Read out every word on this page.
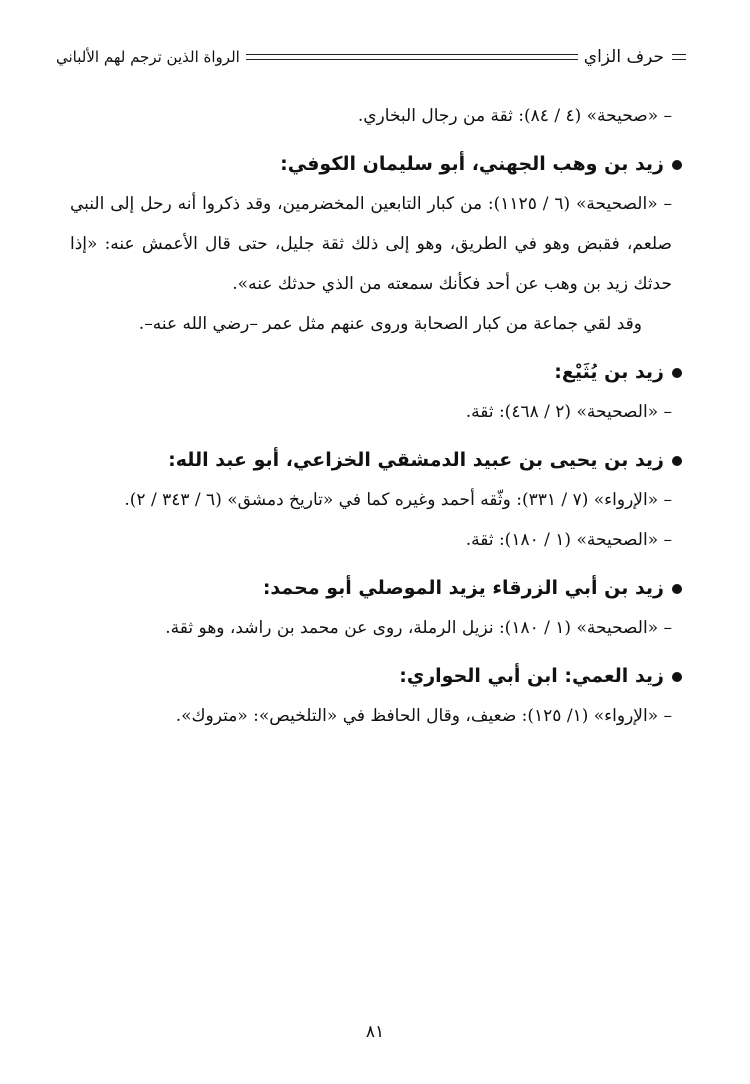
حرف الزاي
الرواة الذين ترجم لهم الألباني

– «صحيحة» (٤ / ٨٤): ثقة من رجال البخاري.

زيد بن وهب الجهني، أبو سليمان الكوفي:

– «الصحيحة» (٦ / ١١٢٥): من كبار التابعين المخضرمين، وقد ذكروا أنه رحل إلى النبي صلعم، فقبض وهو في الطريق، وهو إلى ذلك ثقة جليل، حتى قال الأعمش عنه: «إذا حدثك زيد بن وهب عن أحد فكأنك سمعته من الذي حدثك عنه».

وقد لقي جماعة من كبار الصحابة وروى عنهم مثل عمر –رضي الله عنه–.

زيد بن يُثَيْع:

– «الصحيحة» (٢ / ٤٦٨): ثقة.

زيد بن يحيى بن عبيد الدمشقي الخزاعي، أبو عبد الله:

– «الإرواء» (٧ / ٣٣١): وثّقه أحمد وغيره كما في «تاريخ دمشق» (٦ / ٣٤٣ / ٢).

– «الصحيحة» (١ / ١٨٠): ثقة.

زيد بن أبي الزرقاء يزيد الموصلي أبو محمد:

– «الصحيحة» (١ / ١٨٠): نزيل الرملة، روى عن محمد بن راشد، وهو ثقة.

زيد العمي: ابن أبي الحواري:

– «الإرواء» (١/ ١٢٥): ضعيف، وقال الحافظ في «التلخيص»: «متروك».

٨١
